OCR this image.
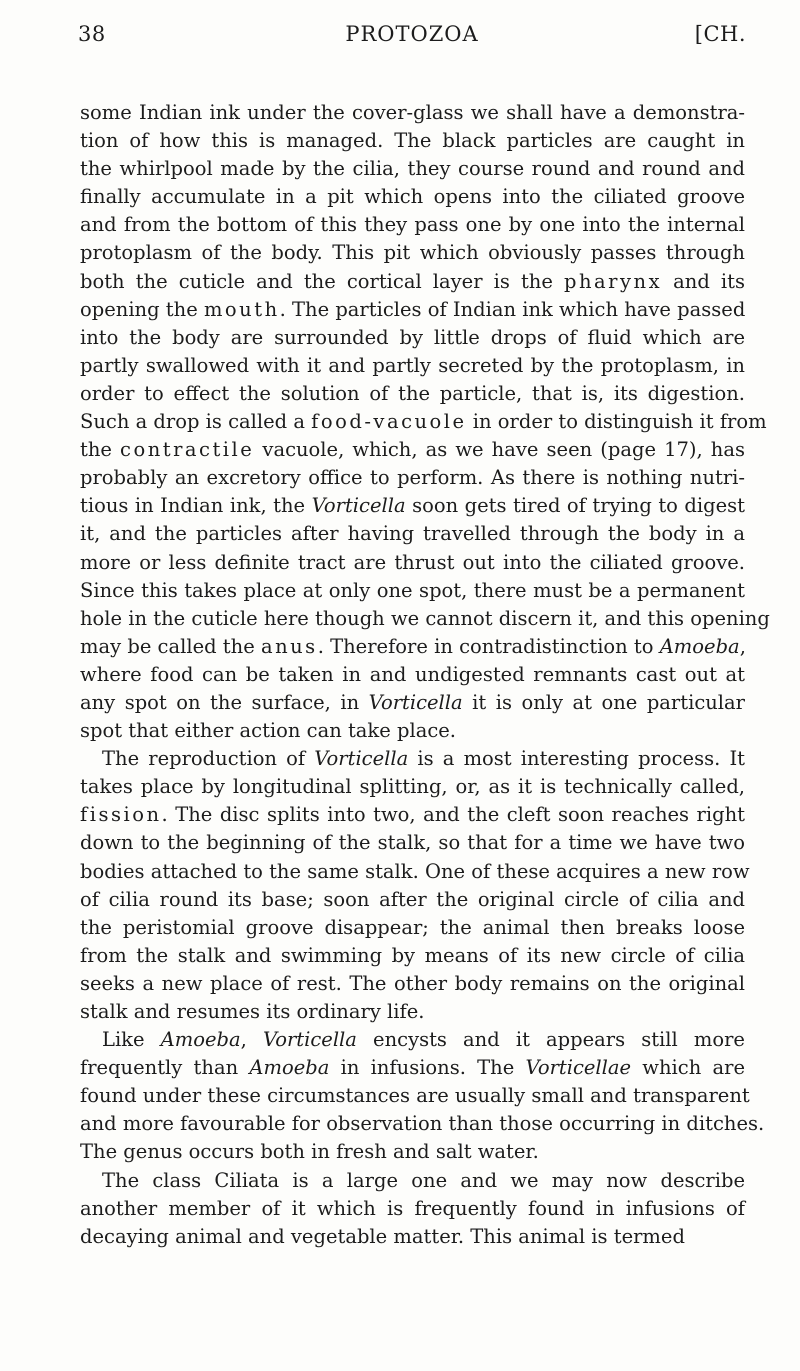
38	PROTOZOA	[CH.
some Indian ink under the cover-glass we shall have a demonstra-
tion of how this is managed. The black particles are caught in
the whirlpool made by the cilia, they course round and round and
finally accumulate in a pit which opens into the ciliated groove
and from the bottom of this they pass one by one into the internal
protoplasm of the body. This pit which obviously passes through
both the cuticle and the cortical layer is the pharynx and its
opening the mouth. The particles of Indian ink which have passed
into the body are surrounded by little drops of fluid which are
partly swallowed with it and partly secreted by the protoplasm, in
order to effect the solution of the particle, that is, its digestion.
Such a drop is called a food-vacuole in order to distinguish it from
the contractile vacuole, which, as we have seen (page 17), has
probably an excretory office to perform. As there is nothing nutri-
tious in Indian ink, the Vorticella soon gets tired of trying to digest
it, and the particles after having travelled through the body in a
more or less definite tract are thrust out into the ciliated groove.
Since this takes place at only one spot, there must be a permanent
hole in the cuticle here though we cannot discern it, and this opening
may be called the anus. Therefore in contradistinction to Amoeba,
where food can be taken in and undigested remnants cast out at
any spot on the surface, in Vorticella it is only at one particular
spot that either action can take place.
The reproduction of Vorticella is a most interesting process. It
takes place by longitudinal splitting, or, as it is technically called,
fission. The disc splits into two, and the cleft soon reaches right
down to the beginning of the stalk, so that for a time we have two
bodies attached to the same stalk. One of these acquires a new row
of cilia round its base; soon after the original circle of cilia and
the peristomial groove disappear; the animal then breaks loose
from the stalk and swimming by means of its new circle of cilia
seeks a new place of rest. The other body remains on the original
stalk and resumes its ordinary life.
Like Amoeba, Vorticella encysts and it appears still more
frequently than Amoeba in infusions. The Vorticellae which are
found under these circumstances are usually small and transparent
and more favourable for observation than those occurring in ditches.
The genus occurs both in fresh and salt water.
The class Ciliata is a large one and we may now describe
another member of it which is frequently found in infusions of
decaying animal and vegetable matter. This animal is termed
